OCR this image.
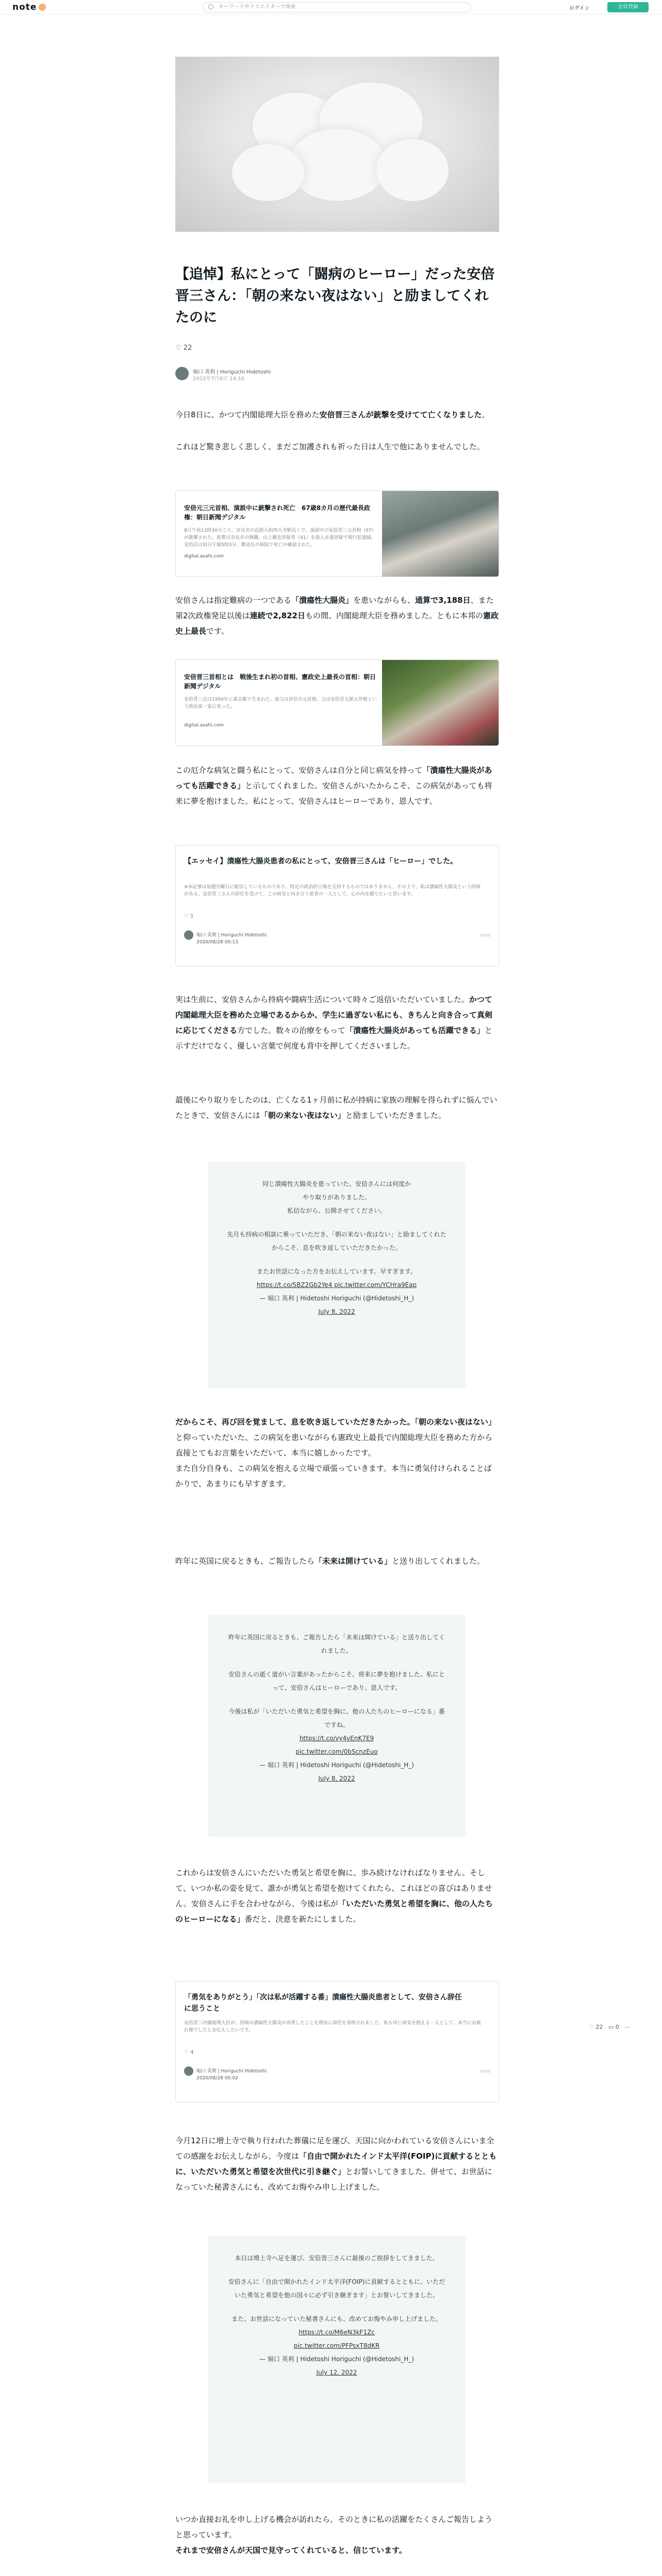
note	キーワードやクリエイターで検索	ログイン	会員登録
【追悼】私にとって「闘病のヒーロー」だった安倍晋三さん：「朝の来ない夜はない」と励ましてくれたのに
♡ 22
堀口 英利 | Horiguchi Hidetoshi
2022年7月8日 14:16
今日8日に、かつて内閣総理大臣を務めた安倍晋三さんが銃撃を受けてて亡くなりました。
これほど驚き悲しく悲しく、まだご加護されも祈った日は人生で他にありませんでした。
安倍元三元首相、演説中に銃撃され死亡　67歳8カ月の歴代最長政権：朝日新聞デジタル
8日午前11時30分ごろ、奈良市の近鉄大和西大寺駅近くで、演説中の安倍晋三元首相（67）が銃撃された。県警は奈良市の無職、山上徹也容疑者（41）を殺人未遂容疑で現行犯逮捕。安倍氏は同日午後5時3分、搬送先の病院で死亡が確認された。
digital.asahi.com
安倍さんは指定難病の一つである「潰瘍性大腸炎」を患いながらも、通算で3,188日、また第2次政権発足以後は連続で2,822日もの間、内閣総理大臣を務めました。ともに本邦の憲政史上最長です。
安倍晋三首相とは　戦後生まれ初の首相、憲政史上最長の首相：朝日新聞デジタル
安倍晋三氏は1954年に東京都で生まれた。祖父は岸信介元首相、父は安倍晋太郎元外相という政治家一家に育った。
digital.asahi.com
この厄介な病気と闘う私にとって、安倍さんは自分と同じ病気を持って「潰瘍性大腸炎があっても活躍できる」と示してくれました。安倍さんがいたからこそ、この病気があっても将来に夢を抱けました。私にとって、安倍さんはヒーローであり、恩人です。
【エッセイ】潰瘍性大腸炎患者の私にとって、安倍晋三さんは「ヒーロー」でした。
※本記事は毎週月曜日に配信しているものであり、特定の政治的立場を支持するものではありません。その上で、私は潰瘍性大腸炎という持病がある。安倍晋三さんの辞任を受けて、この病気と向き合う患者の一人として、心の内を綴りたいと思います。
♡ 1
堀口 英利 | Horiguchi Hidetoshi
2020/08/28 00:13
note
実は生前に、安倍さんから持病や闘病生活について時々ご返信いただいていました。かつて内閣総理大臣を務めた立場であるからか、学生に過ぎない私にも、きちんと向き合って真剣に応じてくださる方でした。数々の治療をもって「潰瘍性大腸炎があっても活躍できる」と示すだけでなく、優しい言葉で何度も背中を押してくださいました。
最後にやり取りをしたのは、亡くなる1ヶ月前に私が持病に家族の理解を得られずに悩んでいたときで、安倍さんには「朝の来ない夜はない」と励ましていただきました。
同じ潰瘍性大腸炎を患っていた、安倍さんには何度か
やり取りがありました。
私信ながら、公開させてください。
先月も持病の相談に乗っていただき、「朝の来ない夜はない」と励ましてくれたからこそ、息を吹き返していただきたかった。
またお世話になった方をお伝えしています。早すぎます。
https://t.co/5BZ2Gb2Ye4 pic.twitter.com/YCHra9Eap
— 堀口 英利 | Hidetoshi Horiguchi (@Hidetoshi_H_)
July 8, 2022
だからこそ、再び回を覚まして、息を吹き返していただきたかった。「朝の来ない夜はない」と仰っていただいた、この病気を患いながらも憲政史上最長で内閣総理大臣を務めた方から直接とてもお言葉をいただいて、本当に嬉しかったです。
また自分自身も、この病気を抱える立場で頑張っていきます。本当に勇気付けられることばかりで、あまりにも早すぎます。
昨年に英国に戻るときも、ご報告したら「未来は開けている」と送り出してくれました。
昨年に英国に戻るときも、ご報告したら「未来は開けている」と送り出してくれました。
安倍さんの逝く道がい言葉があったからこそ、将来に夢を抱けました。私にとって、安倍さんはヒーローであり、恩人です。
今後は私が「いただいた勇気と希望を胸に、他の人たちのヒーローになる」番ですね。
https://t.co/vy4vEnK7E9
pic.twitter.com/0bScnzEuo
— 堀口 英利 | Hidetoshi Horiguchi (@Hidetoshi_H_)
July 8, 2022
これからは安倍さんにいただいた勇気と希望を胸に、歩み続けなければなりません。そして、いつか私の姿を見て、誰かが勇気と希望を抱けてくれたら、これほどの喜びはありません。安倍さんに手を合わせながら、今後は私が「いただいた勇気と希望を胸に、他の人たちのヒーローになる」番だと、決意を新たにしました。
「勇気をありがとう」「次は私が活躍する番」潰瘍性大腸炎患者として、安倍さん辞任に思うこと
安倍晋三内閣総理大臣が、持病の潰瘍性大腸炎が再発したことを理由に辞任を表明されました。私も同じ病気を抱える一人として、本当にお疲れ様でしたとお伝えしたいです。
♡ 4
堀口 英利 | Horiguchi Hidetoshi
2020/08/28 00:02
note
♡ 22 ▭ 0 ⋯
今月12日に増上寺で執り行われた葬儀に足を運び、天国に向かわれている安倍さんにいま全ての感謝をお伝えしながら、今度は「自由で開かれたインド太平洋(FOIP)に貢献するとともに、いただいた勇気と希望を次世代に引き継ぐ」とお誓いしてきました。併せて、お世話になっていた秘書さんにも、改めてお悔やみ申し上げました。
本日は増上寺へ足を運び、安倍晋三さんに最後のご挨拶をしてきました。
安倍さんに「自由で開かれたインド太平洋(FOIP)に貢献するとともに、いただいた勇気と希望を他の国々に必ず引き継ぎます」とお誓いしてきました。
また、お世話になっていた秘書さんにも、改めてお悔やみ申し上げました。
https://t.co/M6eN3kF1Zc
pic.twitter.com/PFPsxT8dKR
— 堀口 英利 | Hidetoshi Horiguchi (@Hidetoshi_H_)
July 12, 2022
いつか直接お礼を申し上げる機会が訪れたら、そのときに私の活躍をたくさんご報告しようと思っています。
それまで安倍さんが天国で見守ってくれていると、信じています。
